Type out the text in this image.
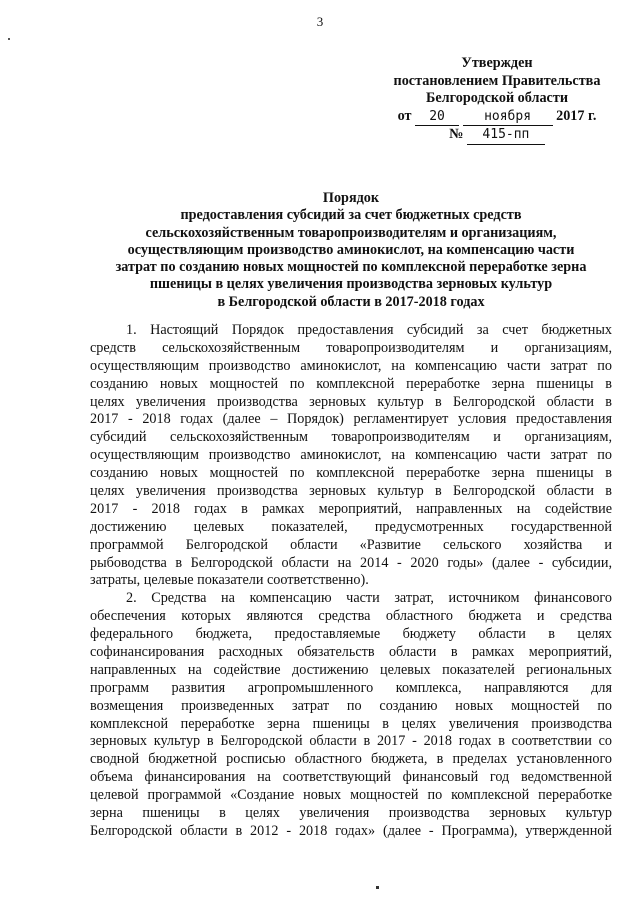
3
Утвержден
постановлением Правительства
Белгородской области
от 20	ноября 2017 г.
№ 415-пп
Порядок
предоставления субсидий за счет бюджетных средств
сельскохозяйственным товаропроизводителям и организациям,
осуществляющим производство аминокислот, на компенсацию части
затрат по созданию новых мощностей по комплексной переработке зерна
пшеницы в целях увеличения производства зерновых культур
в Белгородской области в 2017-2018 годах
1. Настоящий Порядок предоставления субсидий за счет бюджетных
средств сельскохозяйственным товаропроизводителям и организациям,
осуществляющим производство аминокислот, на компенсацию части затрат по
созданию новых мощностей по комплексной переработке зерна пшеницы в
целях увеличения производства зерновых культур в Белгородской области в
2017 - 2018 годах (далее – Порядок) регламентирует условия предоставления
субсидий сельскохозяйственным товаропроизводителям и организациям,
осуществляющим производство аминокислот, на компенсацию части затрат по
созданию новых мощностей по комплексной переработке зерна пшеницы в
целях увеличения производства зерновых культур в Белгородской области в
2017 - 2018 годах в рамках мероприятий, направленных на содействие
достижению целевых показателей, предусмотренных государственной
программой Белгородской области «Развитие сельского хозяйства и
рыбоводства в Белгородской области на 2014 - 2020 годы» (далее - субсидии,
затраты, целевые показатели соответственно).
2. Средства на компенсацию части затрат, источником финансового
обеспечения которых являются средства областного бюджета и средства
федерального бюджета, предоставляемые бюджету области в целях
софинансирования расходных обязательств области в рамках мероприятий,
направленных на содействие достижению целевых показателей региональных
программ развития агропромышленного комплекса, направляются для
возмещения произведенных затрат по созданию новых мощностей по
комплексной переработке зерна пшеницы в целях увеличения производства
зерновых культур в Белгородской области в 2017 - 2018 годах в соответствии со
сводной бюджетной росписью областного бюджета, в пределах установленного
объема финансирования на соответствующий финансовый год ведомственной
целевой программой «Создание новых мощностей по комплексной переработке
зерна пшеницы в целях увеличения производства зерновых культур
Белгородской области в 2012 - 2018 годах» (далее - Программа), утвержденной
